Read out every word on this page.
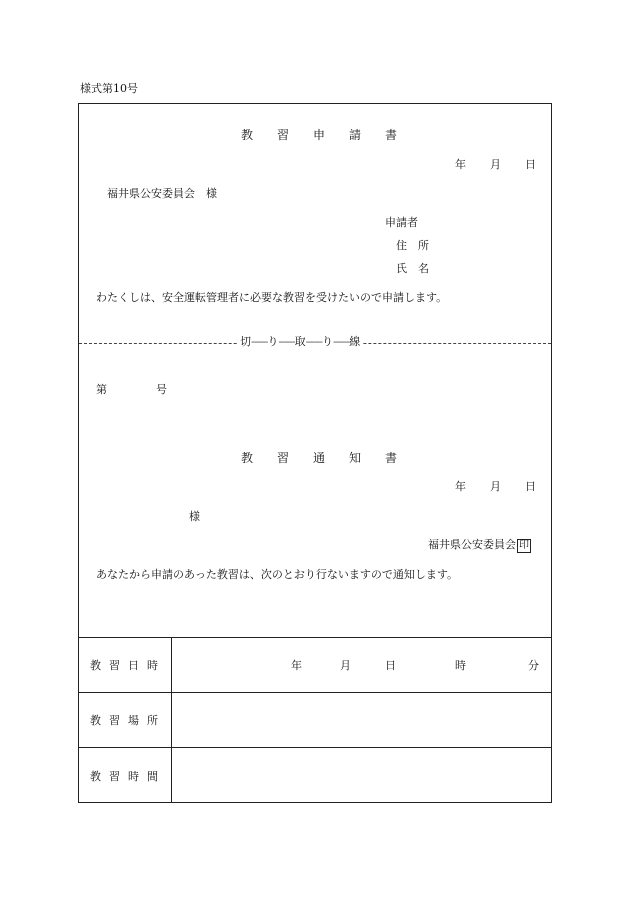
様式第10号
教 習 申 請 書
年 月 日
福井県公安委員会　様
申請者
住　所
氏　名
わたくしは、安全運転管理者に必要な教習を受けたいので申請します。
切------り------取------り------線
第	号
教 習 通 知 書
年 月 日
様
福井県公安委員会 印
あなたから申請のあった教習は、次のとおり行ないますので通知します。
教習日時	年	月	日	時	分
教習場所
教習時間
